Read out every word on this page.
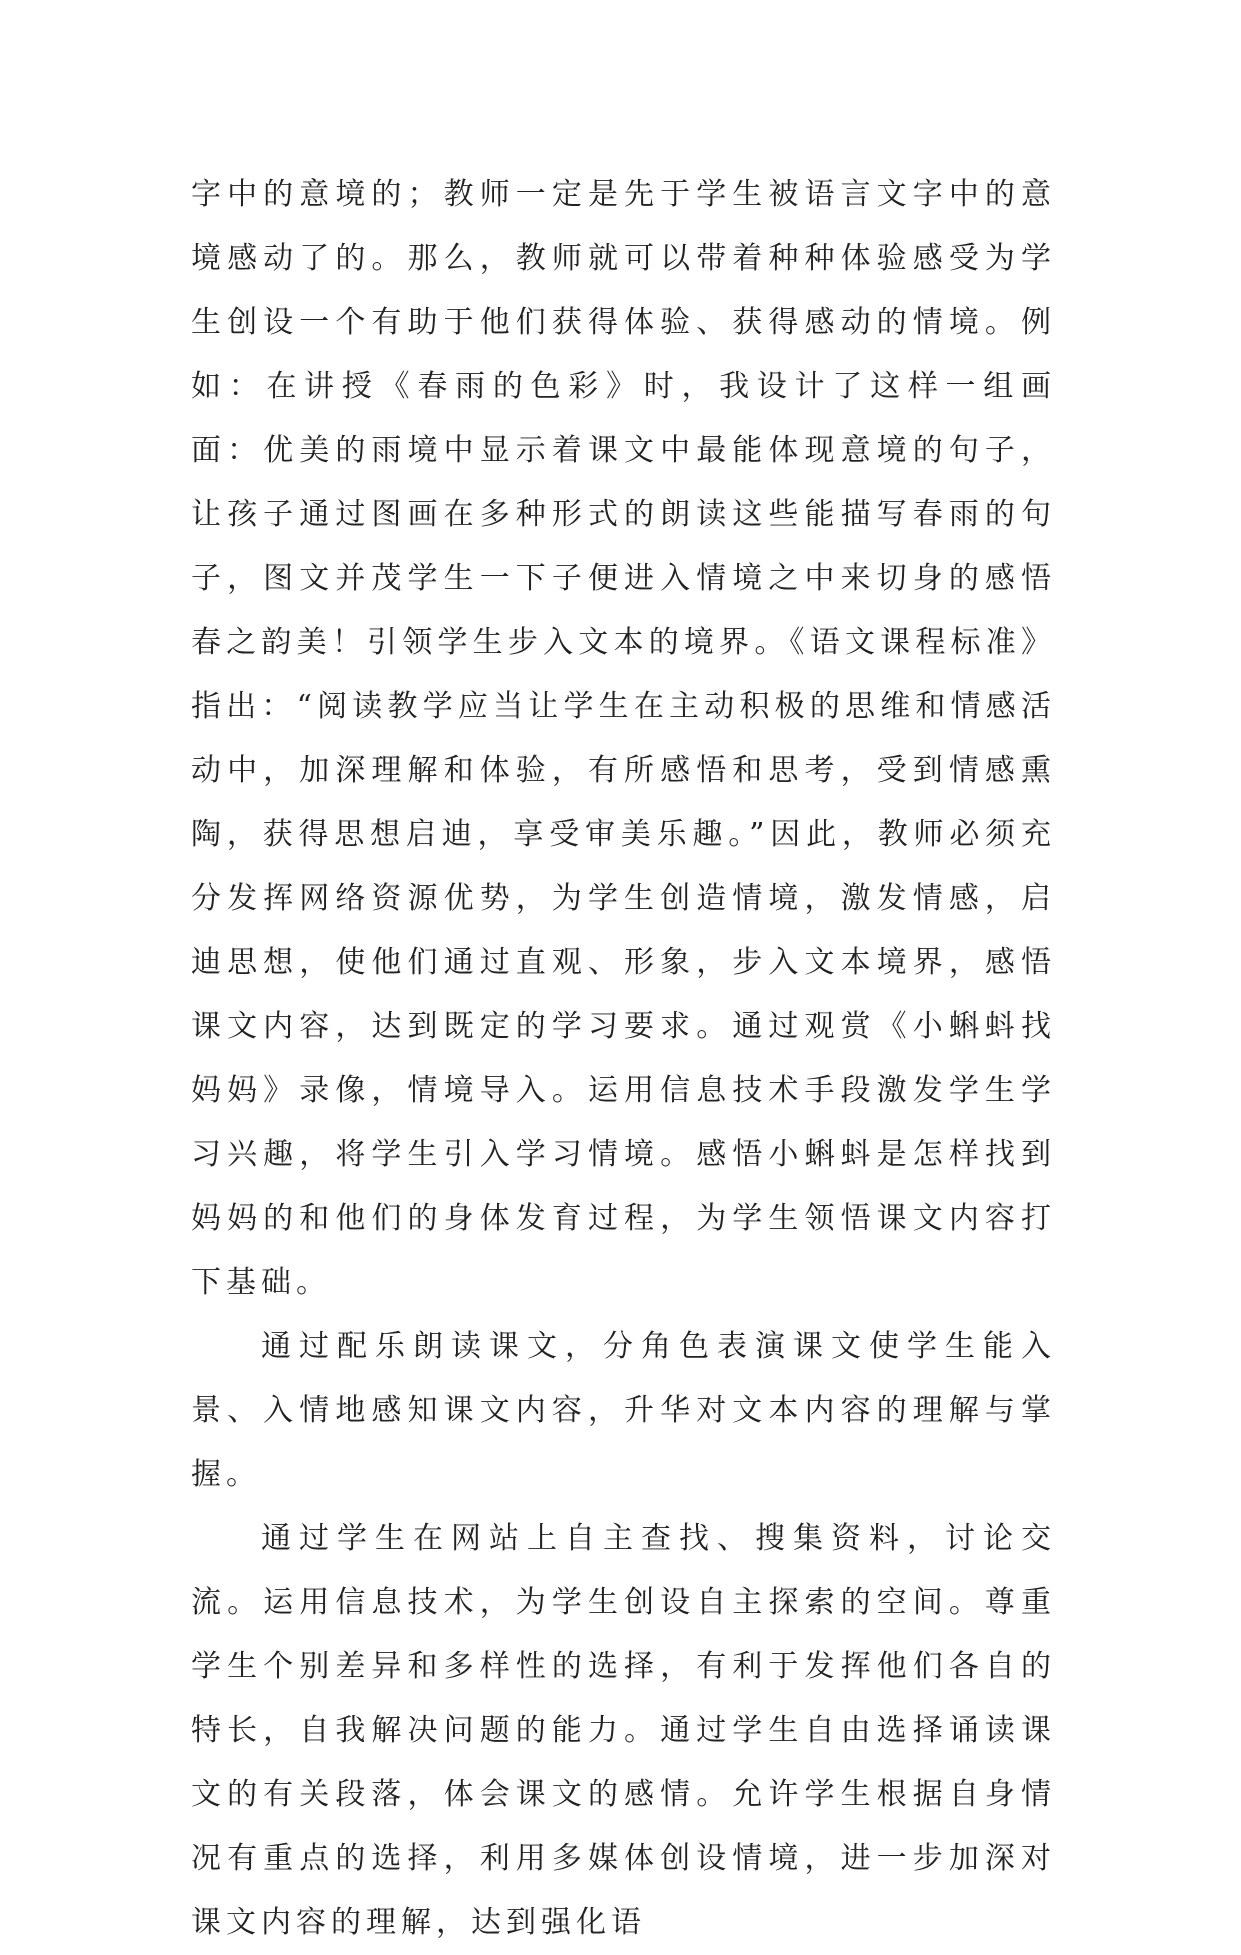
字中的意境的；教师一定是先于学生被语言文字中的意境感动了的。那么，教师就可以带着种种体验感受为学生创设一个有助于他们获得体验、获得感动的情境。例如：在讲授《春雨的色彩》时，我设计了这样一组画面：优美的雨境中显示着课文中最能体现意境的句子，让孩子通过图画在多种形式的朗读这些能描写春雨的句子，图文并茂学生一下子便进入情境之中来切身的感悟春之韵美！引领学生步入文本的境界。《语文课程标准》指出：“阅读教学应当让学生在主动积极的思维和情感活动中，加深理解和体验，有所感悟和思考，受到情感熏陶，获得思想启迪，享受审美乐趣。”因此，教师必须充分发挥网络资源优势，为学生创造情境，激发情感，启迪思想，使他们通过直观、形象，步入文本境界，感悟课文内容，达到既定的学习要求。通过观赏《小蝌蚪找妈妈》录像，情境导入。运用信息技术手段激发学生学习兴趣，将学生引入学习情境。感悟小蝌蚪是怎样找到妈妈的和他们的身体发育过程，为学生领悟课文内容打下基础。

通过配乐朗读课文，分角色表演课文使学生能入景、入情地感知课文内容，升华对文本内容的理解与掌握。

通过学生在网站上自主查找、搜集资料，讨论交流。运用信息技术，为学生创设自主探索的空间。尊重学生个别差异和多样性的选择，有利于发挥他们各自的特长，自我解决问题的能力。通过学生自由选择诵读课文的有关段落，体会课文的感情。允许学生根据自身情况有重点的选择，利用多媒体创设情境，进一步加深对课文内容的理解，达到强化语
